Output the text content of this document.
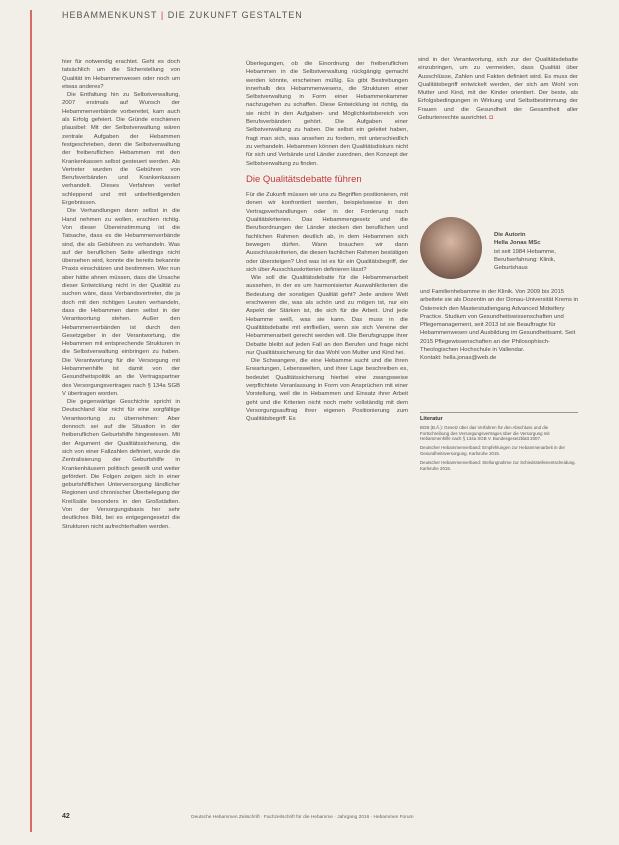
HEBAMMENKUNST | DIE ZUKUNFT GESTALTEN

hier für notwendig erachtet. Geht es doch tatsächlich um die Sicherstellung von Qualität im Hebammenwesen oder noch um etwas anderes?

Die Entfaltung hin zu Selbstverwaltung, 2007 erstmals auf Wunsch der Hebammenverbände vorbereitet, kam auch als Erfolg gefeiert. Die Gründe erschienen plausibel: Mit der Selbstverwaltung wären zentrale Aufgaben der Hebammen festgeschrieben, denn die Selbstverwaltung der freiberuflichen Hebammen mit den Krankenkassen selbst gesteuert werden. Als Vertreter wurden die Gebühren von Berufsverbänden und Krankenkassen verhandelt. Dieses Verfahren verlief schleppend und mit unbefriedigenden Ergebnissen.

Die Verhandlungen dann selbst in die Hand nehmen zu wollen, erschien richtig. Von dieser Übereinstimmung ist die Tatsache, dass es die Hebammenverbände sind, die als Gebühren zu verhandeln. Was auf der beruflichen Seite allerdings nicht übersehen wird, konnte die bereits bekannte Praxis einschätzen und bestimmen. Wer nun aber hätte ahnen müssen, dass die Ursache dieser Entwicklung nicht in der Qualität zu suchen wäre, dass Verbandsvertreter, die ja doch mit den richtigen Leuten verhandeln, dass die Hebammen dann selbst in der Verantwortung stehen. Außer den Hebammenverbänden ist durch den Gesetzgeber in der Verantwortung, die Hebammen mit entsprechende Strukturen in die Selbstverwaltung einbringen zu haben. Die Verantwortung für die Versorgung mit Hebammenhilfe ist damit von der Gesundheitspolitik an die Vertragspartner des Versorgungsvertrages nach § 134a SGB V übertragen worden.

Die gegenwärtige Geschichte spricht in Deutschland klar nicht für eine sorgfältige Verantwortung zu übernehmen: Aber dennoch sei auf die Situation in der freiberuflichen Geburtshilfe hingewiesen. Mit der Argument der Qualitätssicherung, die sich von einer Fallzahlen definiert, wurde die Zentralisierung der Geburtshilfe in Krankenhäusern politisch gewollt und weiter gefördert. Die Folgen zeigen sich in einer geburtshilflichen Unterversorgung ländlicher Regionen und chronischer Überbelegung der Kreißsäle besonders in den Großstädten. Von der Versorgungsbasis her sehr deutliches Bild, bei es entgegengesetzt die Strukturen nicht aufrechterhalten werden.

Überlegungen, ob die Einordnung der freiberuflichen Hebammen in die Selbstverwaltung rückgängig gemacht werden könnte, erscheinen müßig. Es gibt Bestrebungen innerhalb des Hebammenwesens, die Strukturen einer Selbstverwaltung in Form einer Hebammenkammer nachzugehen zu schaffen. Diese Entwicklung ist richtig, da sie nicht in den Aufgaben- und Möglichkeitsbereich von Berufsverbänden gehört. Die Aufgaben einer Selbstverwaltung zu haben. Die selbst ein geleitet haben, fragt man sich, was ansehen zu fordern, mit unterschiedlich zu verhandeln. Hebammen können den Qualitätsdiskurs nicht für sich und Verbände und Länder zuordnen, den Konzept der Selbstverwaltung zu finden.

Die Qualitätsdebatte führen

Für die Zukunft müssen wir uns zu Begriffen positionieren, mit denen wir konfrontiert werden, beispielsweise in den Vertragsverhandlungen oder in der Forderung nach Qualitätskriterien. Das Hebammengesetz und die Berufsordnungen der Länder stecken den beruflichen und fachlichen Rahmen deutlich ab, in dem Hebammen sich bewegen dürfen. Wann brauchen wir dann Ausschlusskriterien, die diesen fachlichen Rahmen bestätigen oder übersteigen? Und was ist es für ein Qualitätsbegriff, der sich über Ausschlusskriterien definieren lässt?

Wie soll die Qualitätsdebatte für die Hebammenarbeit aussehen, in der es um harmonisierter Auswahlkriterien die Bedeutung der sonstigen Qualität geht? Jede andere Welt erschweren die, was als schön und zu mögen ist, nur ein Aspekt der Stärken ist, die sich für die Arbeit. Und jede Hebamme weiß, was sie kann. Das muss in die Qualitätsdebatte mit einfließen, wenn sie sich Vereine der Hebammenarbeit gerecht werden will. Die Berufsgruppe ihrer Debatte bleibt auf jeden Fall an den Berufen und frage nicht nur Qualitätssicherung für das Wohl von Mutter und Kind hei.

Die Schwangere, die eine Hebamme sucht und die ihren Erwartungen, Lebenswelten, und ihrer Lage beschreiben es, bedeutet Qualitätssicherung hierbei eine zwangsweise verpflichtete Veranlassung in Form von Ansprüchen mit einer Vorstellung, weil die in Hebammen und Einsatz ihrer Arbeit geht und die Kriterien nicht noch mehr vollständig mit dem Versorgungsauftrag ihrer eigenen Positionierung zum Qualitätsbegriff. Es

sind in der Verantwortung, sich zur der Qualitätsdebatte einzubringen, um zu vermeiden, dass Qualität über Ausschlüsse, Zahlen und Fakten definiert wird. Es muss der Qualitätsbegriff entwickelt werden, der sich am Wohl von Mutter und Kind, mit der Kinder orientiert. Der beste, als Erfolgsbedingungen in Wirkung und Selbstbestimmung der Frauen und die Gesundheit der Gesamtheit aller Geburtenrechte ausrichtet. ◘

Die Autorin
Hella Jonas MSc
ist seit 1984 Hebamme, Berufserfahrung: Klinik, Geburtshaus
und Familienhebamme in der Klinik. Von 2009 bis 2015 arbeitete sie als Dozentin an der Donau-Universität Krems in Österreich den Masterstudiengang Advanced Midwifery Practice. Studium von Gesundheitswissenschaften und Pflegemanagement, seit 2013 ist sie Beauftragte für Hebammenwesen und Ausbildung im Gesundheitsamt. Seit 2015 Pflegewissenschaften an der Philosophisch-Theologischen Hochschule in Vallendar.
Kontakt: hella.jonas@web.de
Literatur

BGB (B.Ä.): Gesetz über das Verfahren für den Abschluss und die Fortschreibung des Versorgungsvertrages über die Versorgung mit Hebammenhilfe nach § 134a SGB V. Bundesgesetzblatt 2007.

Deutscher Hebammenverband: Empfehlungen zur Hebammenarbeit in der Gesundheitsversorgung. Karlsruhe 2015.

Deutscher Hebammenverband: Stellungnahme zur Schiedsstellenentscheidung. Karlsruhe 2015.

42	Deutsche Hebammen Zeitschrift · Fachzeitschrift für die Hebamme · Jahrgang 2016 · Hebammen Forum
